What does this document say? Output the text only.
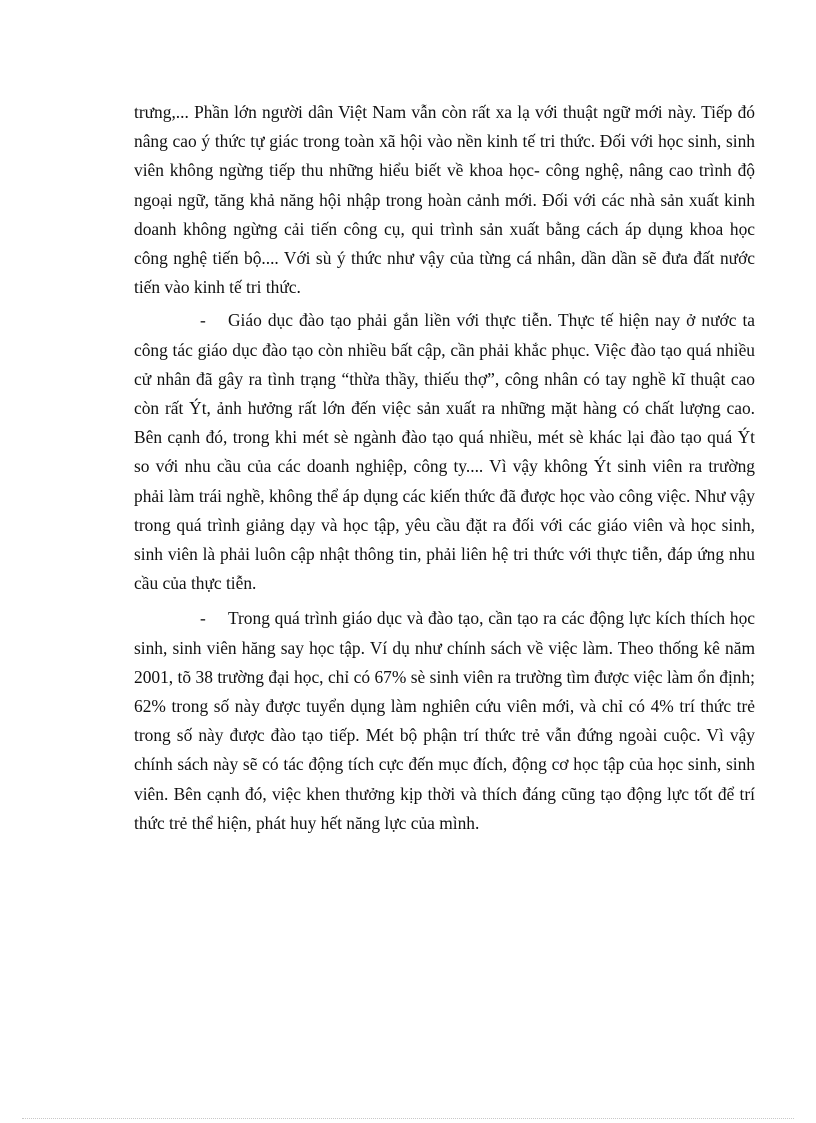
trưng,... Phần lớn người dân Việt Nam vẫn còn rất xa lạ với thuật ngữ mới này. Tiếp đó nâng cao ý thức tự giác trong toàn xã hội vào nền kinh tế tri thức. Đối với học sinh, sinh viên không ngừng tiếp thu những hiểu biết về khoa học- công nghệ, nâng cao trình độ ngoại ngữ, tăng khả năng hội nhập trong hoàn cảnh mới. Đối với các nhà sản xuất kinh doanh không ngừng cải tiến công cụ, qui trình sản xuất bằng cách áp dụng khoa học công nghệ tiến bộ.... Với sù ý thức như vậy của từng cá nhân, dần dần sẽ đưa đất nước tiến vào kinh tế tri thức.

- Giáo dục đào tạo phải gắn liền với thực tiễn. Thực tế hiện nay ở nước ta công tác giáo dục đào tạo còn nhiều bất cập, cần phải khắc phục. Việc đào tạo quá nhiều cử nhân đã gây ra tình trạng “thừa thầy, thiếu thợ”, công nhân có tay nghề kĩ thuật cao còn rất Ýt, ảnh hưởng rất lớn đến việc sản xuất ra những mặt hàng có chất lượng cao. Bên cạnh đó, trong khi mét sè ngành đào tạo quá nhiều, mét sè khác lại đào tạo quá Ýt so với nhu cầu của các doanh nghiệp, công ty.... Vì vậy không Ýt sinh viên ra trường phải làm trái nghề, không thể áp dụng các kiến thức đã được học vào công việc. Như vậy trong quá trình giảng dạy và học tập, yêu cầu đặt ra đối với các giáo viên và học sinh, sinh viên là phải luôn cập nhật thông tin, phải liên hệ tri thức với thực tiễn, đáp ứng nhu cầu của thực tiễn.

- Trong quá trình giáo dục và đào tạo, cần tạo ra các động lực kích thích học sinh, sinh viên hăng say học tập. Ví dụ như chính sách về việc làm. Theo thống kê năm 2001, tõ 38 trường đại học, chỉ có 67% sè sinh viên ra trường tìm được việc làm ổn định; 62% trong số này được tuyển dụng làm nghiên cứu viên mới, và chỉ có 4% trí thức trẻ trong số này được đào tạo tiếp. Mét bộ phận trí thức trẻ vẫn đứng ngoài cuộc. Vì vậy chính sách này sẽ có tác động tích cực đến mục đích, động cơ học tập của học sinh, sinh viên. Bên cạnh đó, việc khen thưởng kịp thời và thích đáng cũng tạo động lực tốt để trí thức trẻ thể hiện, phát huy hết năng lực của mình.
